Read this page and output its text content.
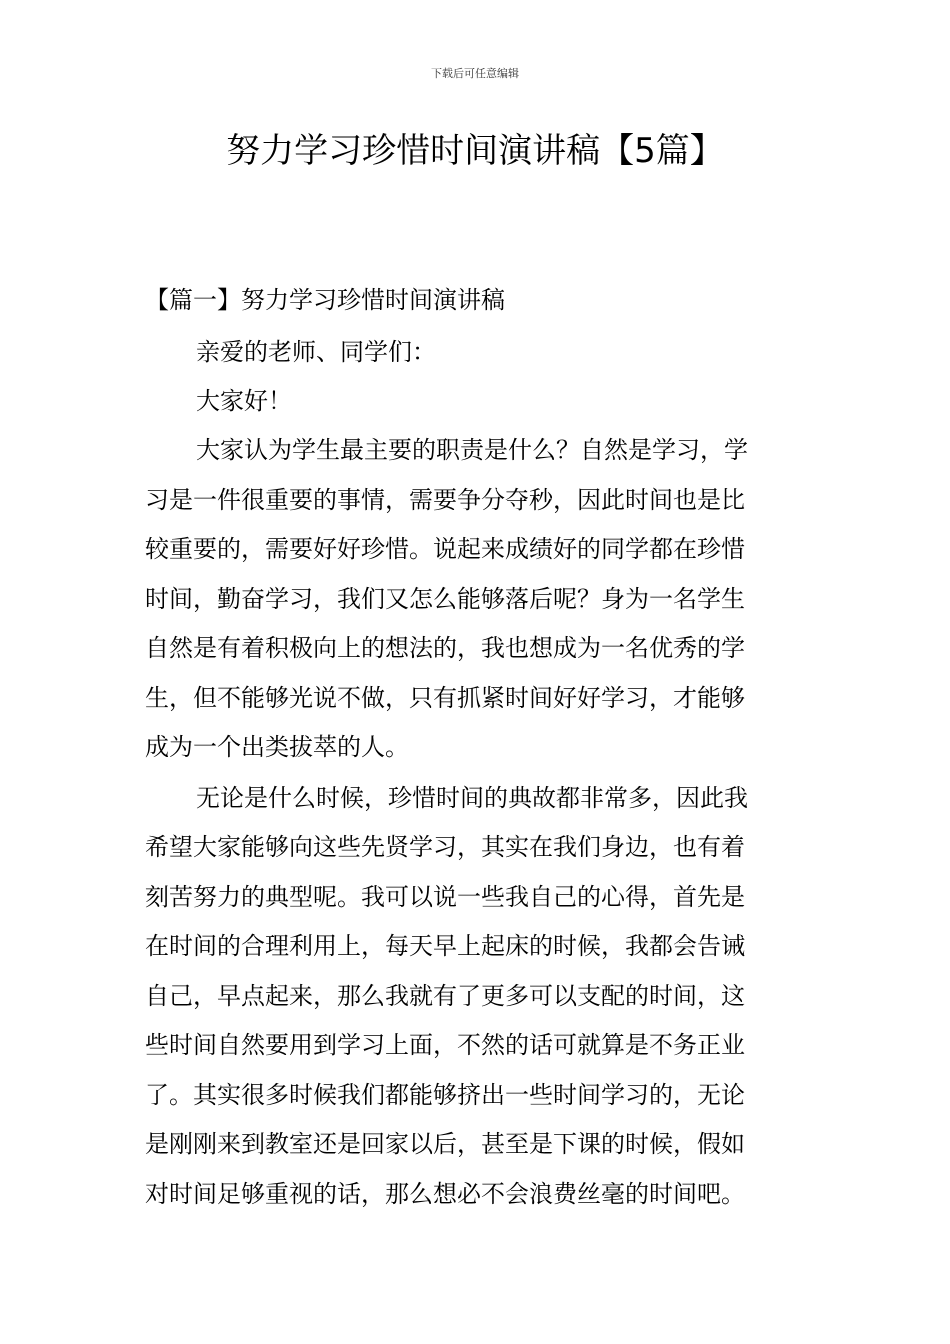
下载后可任意编辑
努力学习珍惜时间演讲稿【5篇】

【篇一】努力学习珍惜时间演讲稿

亲爱的老师、同学们：
大家好！
大家认为学生最主要的职责是什么？自然是学习，学
习是一件很重要的事情，需要争分夺秒，因此时间也是比
较重要的，需要好好珍惜。说起来成绩好的同学都在珍惜
时间，勤奋学习，我们又怎么能够落后呢？身为一名学生
自然是有着积极向上的想法的，我也想成为一名优秀的学
生，但不能够光说不做，只有抓紧时间好好学习，才能够
成为一个出类拔萃的人。
无论是什么时候，珍惜时间的典故都非常多，因此我
希望大家能够向这些先贤学习，其实在我们身边，也有着
刻苦努力的典型呢。我可以说一些我自己的心得，首先是
在时间的合理利用上，每天早上起床的时候，我都会告诫
自己，早点起来，那么我就有了更多可以支配的时间，这
些时间自然要用到学习上面，不然的话可就算是不务正业
了。其实很多时候我们都能够挤出一些时间学习的，无论
是刚刚来到教室还是回家以后，甚至是下课的时候，假如
对时间足够重视的话，那么想必不会浪费丝毫的时间吧。
